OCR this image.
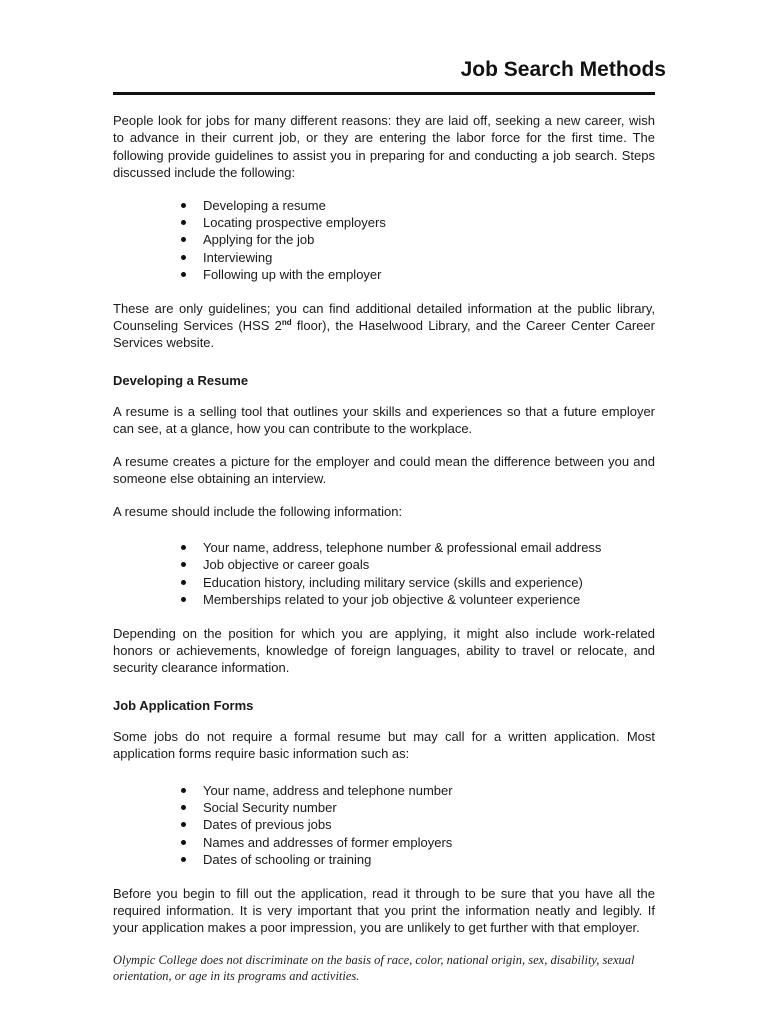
Job Search Methods

People look for jobs for many different reasons: they are laid off, seeking a new career, wish to advance in their current job, or they are entering the labor force for the first time. The following provide guidelines to assist you in preparing for and conducting a job search. Steps discussed include the following:

Developing a resume
Locating prospective employers
Applying for the job
Interviewing
Following up with the employer

These are only guidelines; you can find additional detailed information at the public library, Counseling Services (HSS 2nd floor), the Haselwood Library, and the Career Center Career Services website.

Developing a Resume

A resume is a selling tool that outlines your skills and experiences so that a future employer can see, at a glance, how you can contribute to the workplace.

A resume creates a picture for the employer and could mean the difference between you and someone else obtaining an interview.

A resume should include the following information:

Your name, address, telephone number & professional email address
Job objective or career goals
Education history, including military service (skills and experience)
Memberships related to your job objective & volunteer experience

Depending on the position for which you are applying, it might also include work-related honors or achievements, knowledge of foreign languages, ability to travel or relocate, and security clearance information.

Job Application Forms

Some jobs do not require a formal resume but may call for a written application. Most application forms require basic information such as:

Your name, address and telephone number
Social Security number
Dates of previous jobs
Names and addresses of former employers
Dates of schooling or training

Before you begin to fill out the application, read it through to be sure that you have all the required information. It is very important that you print the information neatly and legibly. If your application makes a poor impression, you are unlikely to get further with that employer.

Olympic College does not discriminate on the basis of race, color, national origin, sex, disability, sexual orientation, or age in its programs and activities.
